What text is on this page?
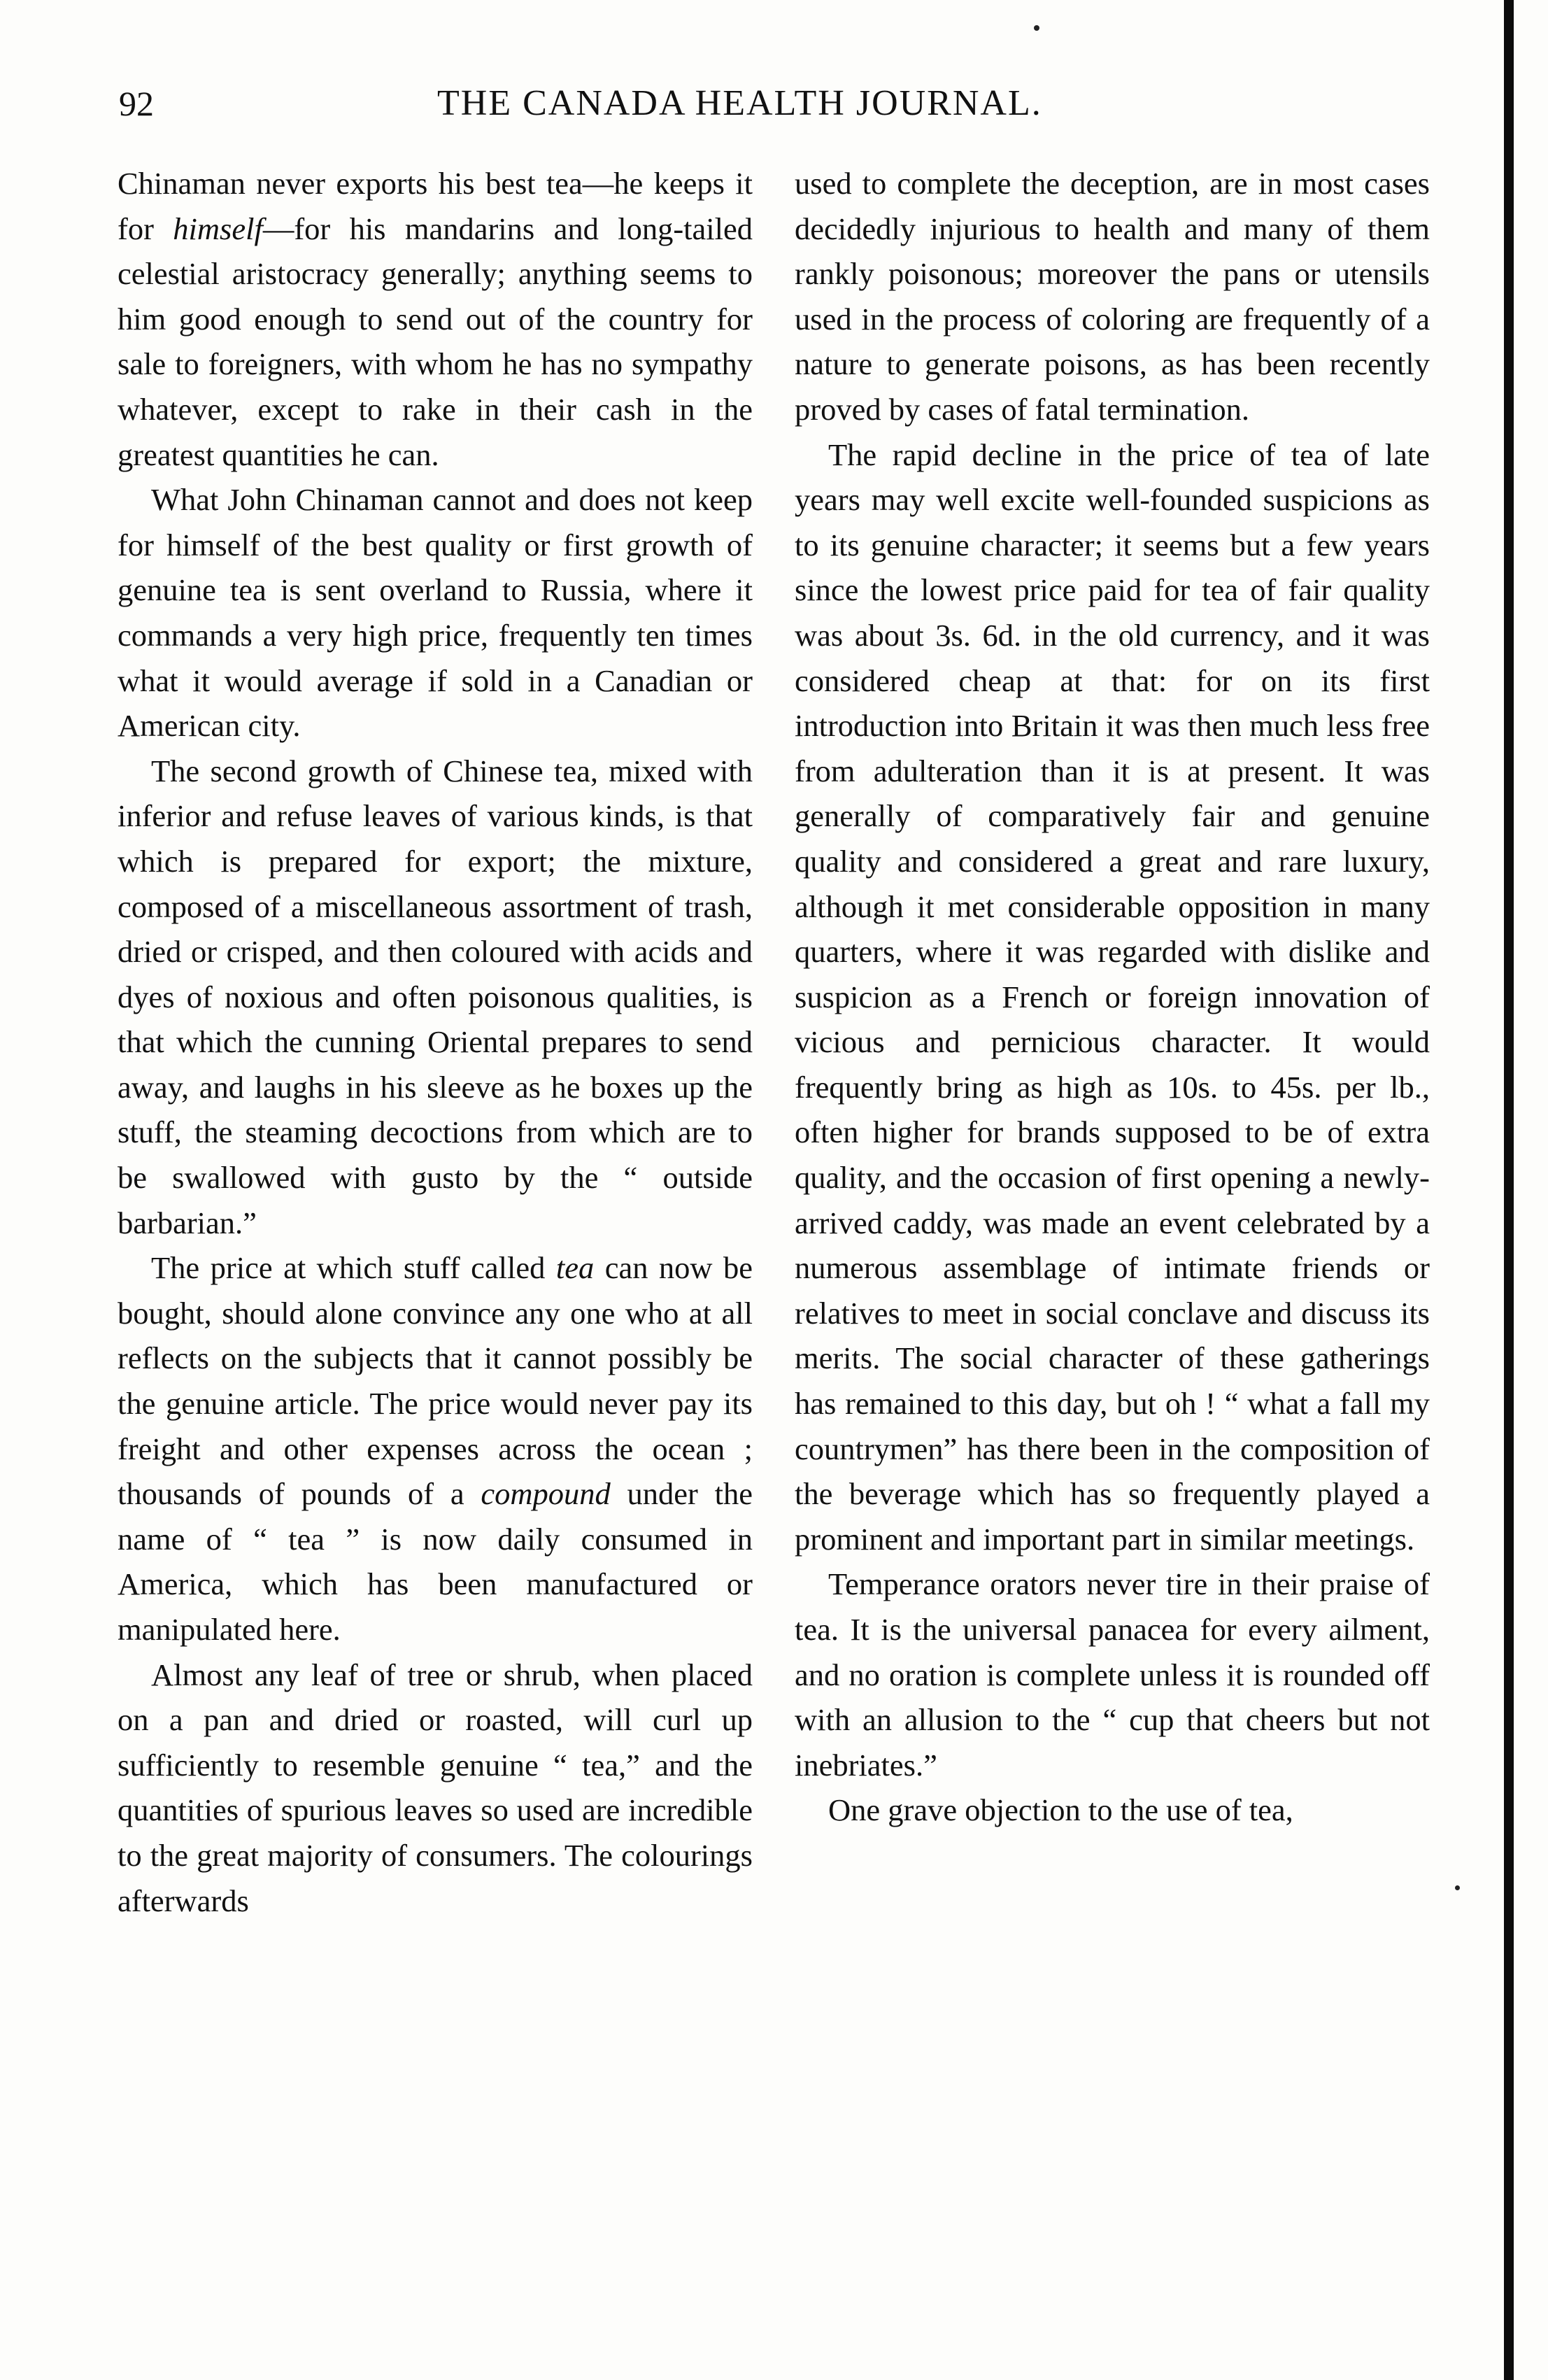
92	THE CANADA HEALTH JOURNAL.

Chinaman never exports his best tea—he keeps it for himself—for his mandarins and long-tailed celestial aristocracy generally; anything seems to him good enough to send out of the country for sale to foreigners, with whom he has no sympathy whatever, except to rake in their cash in the greatest quantities he can.

What John Chinaman cannot and does not keep for himself of the best quality or first growth of genuine tea is sent overland to Russia, where it commands a very high price, frequently ten times what it would average if sold in a Canadian or American city.

The second growth of Chinese tea, mixed with inferior and refuse leaves of various kinds, is that which is prepared for export; the mixture, composed of a miscellaneous assortment of trash, dried or crisped, and then coloured with acids and dyes of noxious and often poisonous qualities, is that which the cunning Oriental prepares to send away, and laughs in his sleeve as he boxes up the stuff, the steaming decoctions from which are to be swallowed with gusto by the “ outside barbarian.”

The price at which stuff called tea can now be bought, should alone convince any one who at all reflects on the subjects that it cannot possibly be the genuine article. The price would never pay its freight and other expenses across the ocean ; thousands of pounds of a compound under the name of “ tea ” is now daily consumed in America, which has been manufactured or manipulated here.

Almost any leaf of tree or shrub, when placed on a pan and dried or roasted, will curl up sufficiently to resemble genuine “ tea,” and the quantities of spurious leaves so used are incredible to the great majority of consumers. The colourings afterwards

used to complete the deception, are in most cases decidedly injurious to health and many of them rankly poisonous; moreover the pans or utensils used in the process of coloring are frequently of a nature to generate poisons, as has been recently proved by cases of fatal termination.

The rapid decline in the price of tea of late years may well excite well-founded suspicions as to its genuine character; it seems but a few years since the lowest price paid for tea of fair quality was about 3s. 6d. in the old currency, and it was considered cheap at that: for on its first introduction into Britain it was then much less free from adulteration than it is at present. It was generally of comparatively fair and genuine quality and considered a great and rare luxury, although it met considerable opposition in many quarters, where it was regarded with dislike and suspicion as a French or foreign innovation of vicious and pernicious character. It would frequently bring as high as 10s. to 45s. per lb., often higher for brands supposed to be of extra quality, and the occasion of first opening a newly-arrived caddy, was made an event celebrated by a numerous assemblage of intimate friends or relatives to meet in social conclave and discuss its merits. The social character of these gatherings has remained to this day, but oh ! “ what a fall my countrymen” has there been in the composition of the beverage which has so frequently played a prominent and important part in similar meetings.

Temperance orators never tire in their praise of tea. It is the universal panacea for every ailment, and no oration is complete unless it is rounded off with an allusion to the “ cup that cheers but not inebriates.”

One grave objection to the use of tea,
